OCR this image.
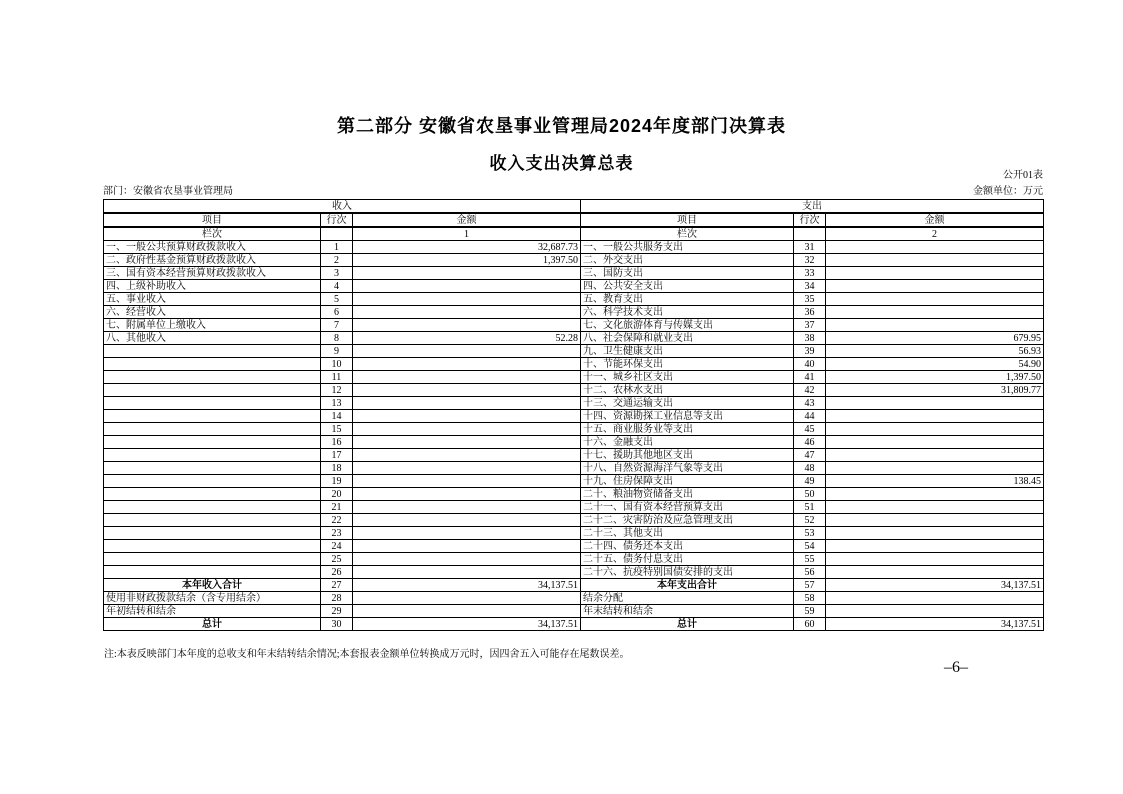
第二部分 安徽省农垦事业管理局2024年度部门决算表
收入支出决算总表
公开01表
部门：安徽省农垦事业管理局	金额单位：万元
收入			支出		
项目	行次	金额	项目	行次	金额
栏次		1	栏次		2
一、一般公共预算财政拨款收入	1	32,687.73	一、一般公共服务支出	31	
二、政府性基金预算财政拨款收入	2	1,397.50	二、外交支出	32	
三、国有资本经营预算财政拨款收入	3		三、国防支出	33	
四、上级补助收入	4		四、公共安全支出	34	
五、事业收入	5		五、教育支出	35	
六、经营收入	6		六、科学技术支出	36	
七、附属单位上缴收入	7		七、文化旅游体育与传媒支出	37	
八、其他收入	8	52.28	八、社会保障和就业支出	38	679.95
	9		九、卫生健康支出	39	56.93
	10		十、节能环保支出	40	54.90
	11		十一、城乡社区支出	41	1,397.50
	12		十二、农林水支出	42	31,809.77
	13		十三、交通运输支出	43	
	14		十四、资源勘探工业信息等支出	44	
	15		十五、商业服务业等支出	45	
	16		十六、金融支出	46	
	17		十七、援助其他地区支出	47	
	18		十八、自然资源海洋气象等支出	48	
	19		十九、住房保障支出	49	138.45
	20		二十、粮油物资储备支出	50	
	21		二十一、国有资本经营预算支出	51	
	22		二十二、灾害防治及应急管理支出	52	
	23		二十三、其他支出	53	
	24		二十四、债务还本支出	54	
	25		二十五、债务付息支出	55	
	26		二十六、抗疫特别国债安排的支出	56	
本年收入合计	27	34,137.51	本年支出合计	57	34,137.51
使用非财政拨款结余（含专用结余）	28		结余分配	58	
年初结转和结余	29		年末结转和结余	59	
总计	30	34,137.51	总计	60	34,137.51
注:本表反映部门本年度的总收支和年末结转结余情况;本套报表金额单位转换成万元时，因四舍五入可能存在尾数误差。
–6–
